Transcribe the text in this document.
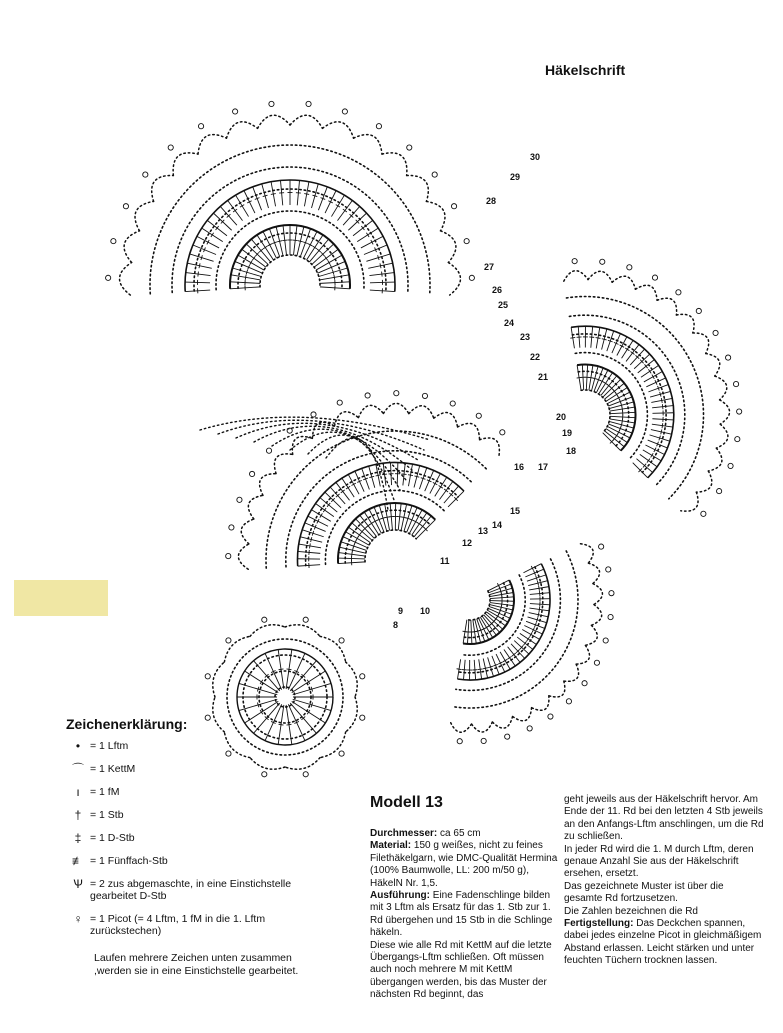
Häkelschrift
30
29
28
27
26
25
24
23
22
21
20
19
18
17
16
15
14
13
12
11
10
9
8
Zeichenerklärung:
• = 1 Lftm
⌒ = 1 KettM
ı = 1 fM
† = 1 Stb
‡ = 1 D-Stb
≢ = 1 Fünffach-Stb
Ѱ = 2 zus abgemaschte, in eine Einstichstelle gearbeitet D-Stb
♀ = 1 Picot (= 4 Lftm, 1 fM in die 1. Lftm zurückstechen)
Laufen mehrere Zeichen unten zusammen ,werden sie in eine Einstichstelle gearbeitet.
Modell 13

Durchmesser: ca 65 cm

Material: 150 g weißes, nicht zu feines Filethäkelgarn, wie DMC-Qualität Hermina (100% Baumwolle, LL: 200 m/50 g), HäkelN Nr. 1,5.

Ausführung: Eine Fadenschlinge bilden mit 3 Lftm als Ersatz für das 1. Stb zur 1. Rd übergehen und 15 Stb in die Schlinge häkeln.

Diese wie alle Rd mit KettM auf die letzte Übergangs-Lftm schließen. Oft müssen auch noch mehrere M mit KettM übergangen werden, bis das Muster der nächsten Rd beginnt, das

geht jeweils aus der Häkelschrift hervor. Am Ende der 11. Rd bei den letzten 4 Stb jeweils an den Anfangs-Lftm anschlingen, um die Rd zu schließen.

In jeder Rd wird die 1. M durch Lftm, deren genaue Anzahl Sie aus der Häkelschrift ersehen, ersetzt.

Das gezeichnete Muster ist über die gesamte Rd fortzusetzen.

Die Zahlen bezeichnen die Rd

Fertigstellung: Das Deckchen spannen, dabei jedes einzelne Picot in gleichmäßigem Abstand erlassen. Leicht stärken und unter feuchten Tüchern trocknen lassen.
